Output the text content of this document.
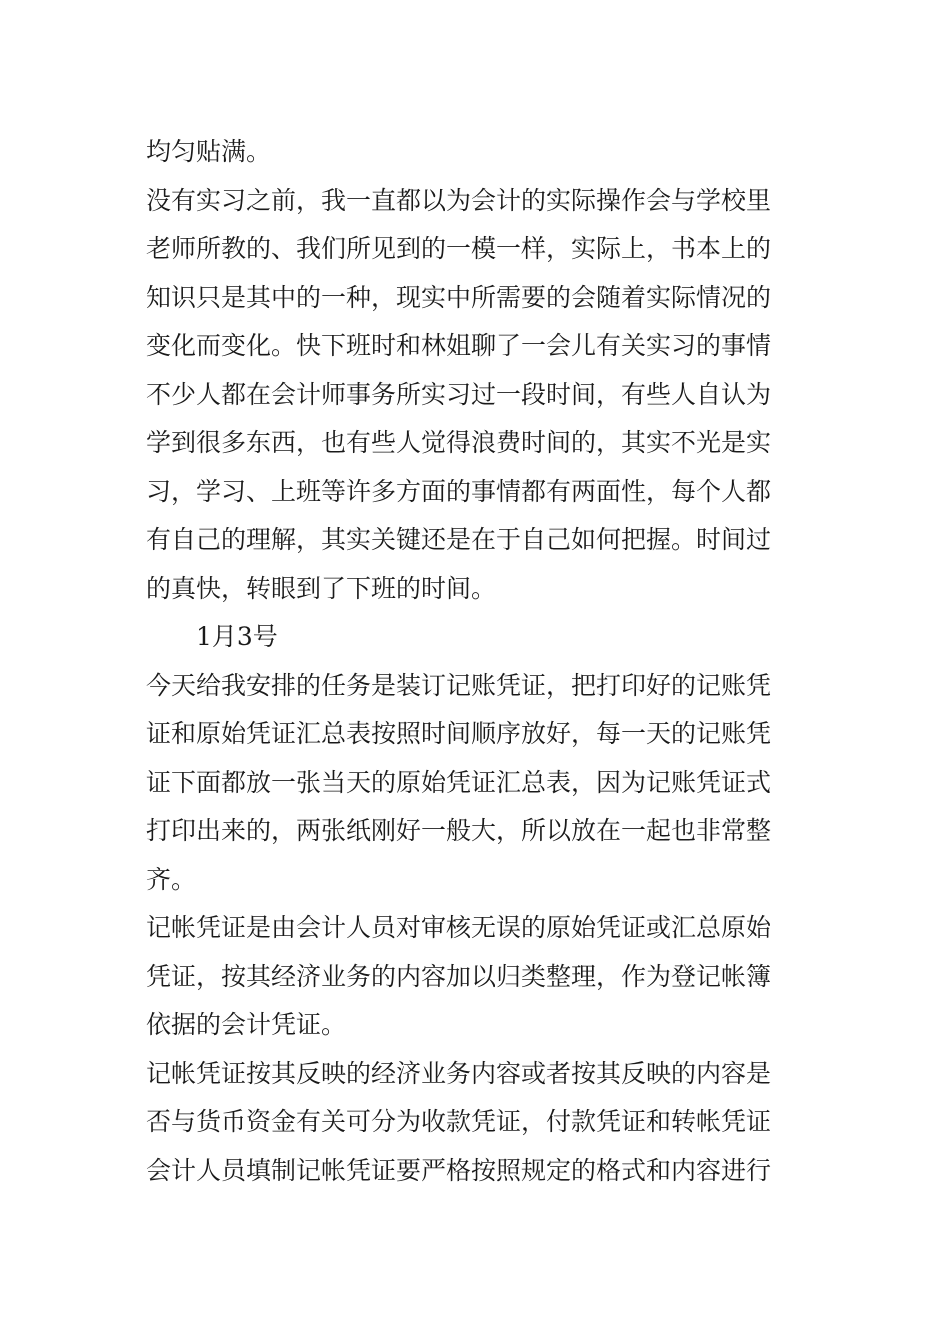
均匀贴满。
没有实习之前，我一直都以为会计的实际操作会与学校里
老师所教的、我们所见到的一模一样，实际上，书本上的
知识只是其中的一种，现实中所需要的会随着实际情况的
变化而变化。快下班时和林姐聊了一会儿有关实习的事情
不少人都在会计师事务所实习过一段时间，有些人自认为
学到很多东西，也有些人觉得浪费时间的，其实不光是实
习，学习、上班等许多方面的事情都有两面性，每个人都
有自己的理解，其实关键还是在于自己如何把握。时间过
的真快，转眼到了下班的时间。
1月3号
今天给我安排的任务是装订记账凭证，把打印好的记账凭
证和原始凭证汇总表按照时间顺序放好，每一天的记账凭
证下面都放一张当天的原始凭证汇总表，因为记账凭证式
打印出来的，两张纸刚好一般大，所以放在一起也非常整
齐。
记帐凭证是由会计人员对审核无误的原始凭证或汇总原始
凭证，按其经济业务的内容加以归类整理，作为登记帐簿
依据的会计凭证。
记帐凭证按其反映的经济业务内容或者按其反映的内容是
否与货币资金有关可分为收款凭证，付款凭证和转帐凭证
会计人员填制记帐凭证要严格按照规定的格式和内容进行
